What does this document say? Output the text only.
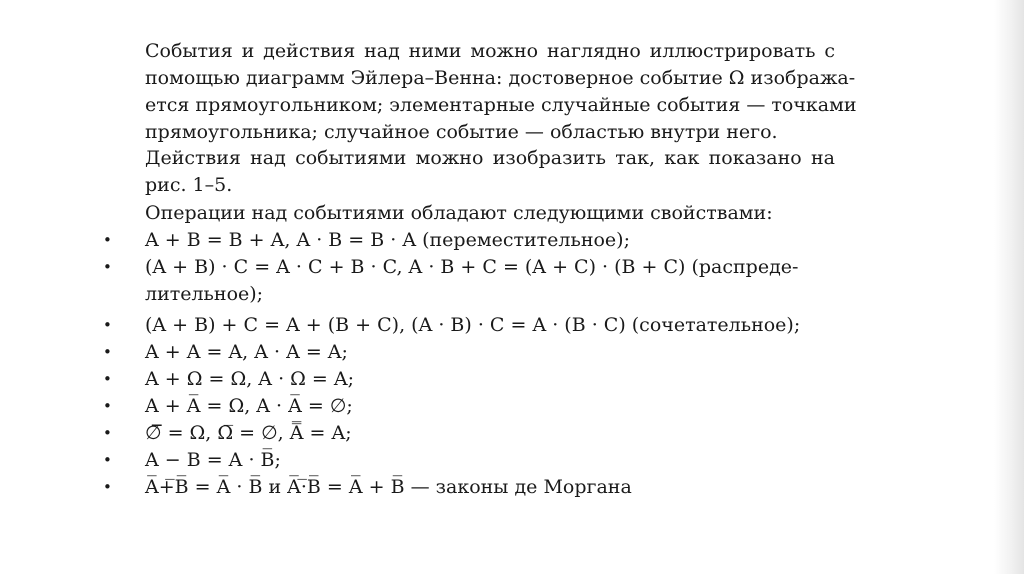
События и действия над ними можно наглядно иллюстрировать с
помощью диаграмм Эйлера–Венна: достоверное событие Ω изобража-
ется прямоугольником; элементарные случайные события — точками
прямоугольника; случайное событие — областью внутри него.
Действия над событиями можно изобразить так, как показано на
рис. 1–5.
Операции над событиями обладают следующими свойствами:
• A + B = B + A, A · B = B · A (переместительное);
• (A + B) · C = A · C + B · C, A · B + C = (A + C) · (B + C) (распреде-
лительное);
• (A + B) + C = A + (B + C), (A · B) · C = A · (B · C) (сочетательное);
• A + A = A, A · A = A;
• A + Ω = Ω, A · Ω = A;
• A + A̅ = Ω, A · A̅ = ∅;
• ∅̅ = Ω, Ω̅ = ∅, A̿ = A;
• A − B = A · B̅;
• A̅+̅B̅ = A̅ · B̅ и A̅·̅B̅ = A̅ + B̅ — законы де Моргана
